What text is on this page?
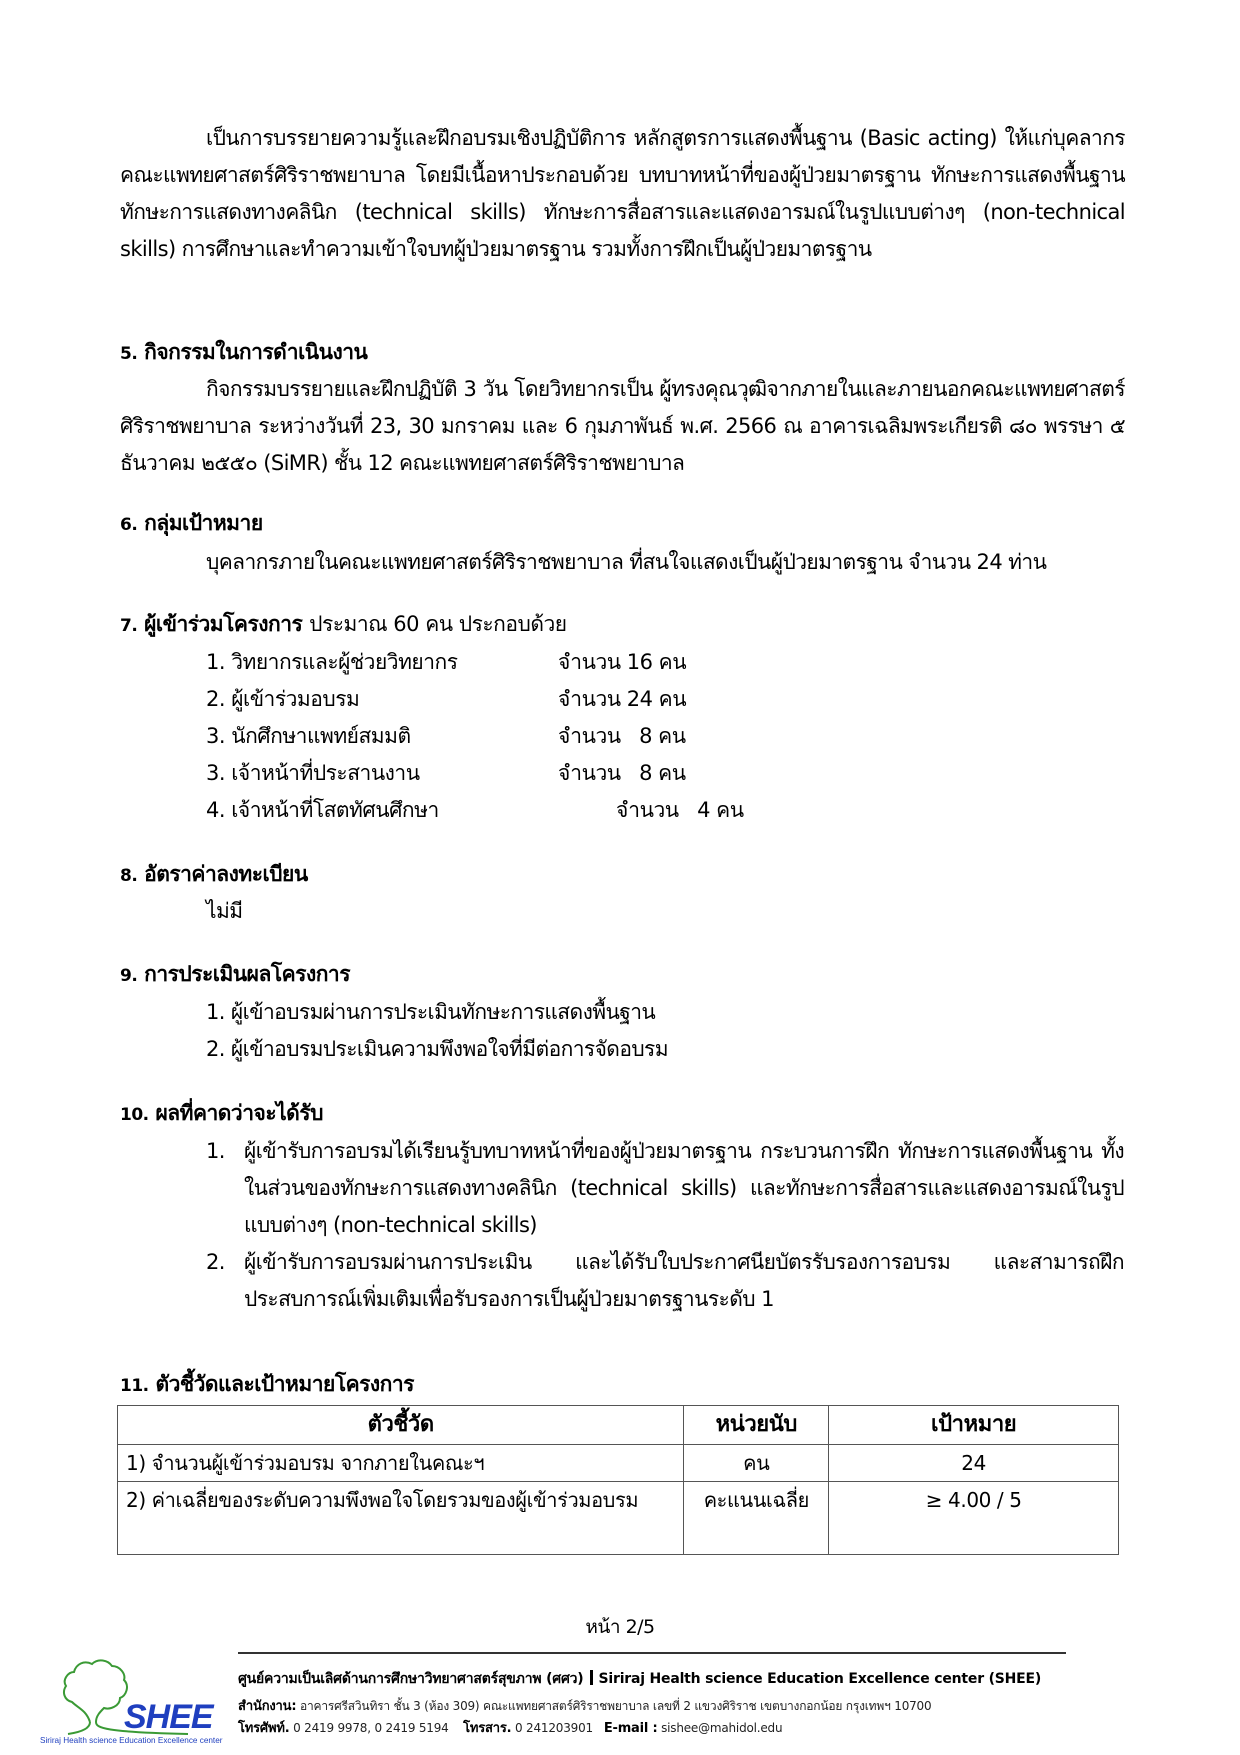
เป็นการบรรยายความรู้และฝึกอบรมเชิงปฏิบัติการ หลักสูตรการแสดงพื้นฐาน (Basic acting) ให้แก่บุคลากร คณะแพทยศาสตร์ศิริราชพยาบาล โดยมีเนื้อหาประกอบด้วย บทบาทหน้าที่ของผู้ป่วยมาตรฐาน ทักษะการแสดงพื้นฐาน ทักษะการแสดงทางคลินิก (technical skills) ทักษะการสื่อสารและแสดงอารมณ์ในรูปแบบต่างๆ (non-technical skills) การศึกษาและทำความเข้าใจบทผู้ป่วยมาตรฐาน รวมทั้งการฝึกเป็นผู้ป่วยมาตรฐาน
5. กิจกรรมในการดำเนินงาน
กิจกรรมบรรยายและฝึกปฏิบัติ 3 วัน โดยวิทยากรเป็น ผู้ทรงคุณวุฒิจากภายในและภายนอกคณะแพทยศาสตร์ศิริราชพยาบาล ระหว่างวันที่ 23, 30 มกราคม และ 6 กุมภาพันธ์ พ.ศ. 2566 ณ อาคารเฉลิมพระเกียรติ ๘๐ พรรษา ๕ ธันวาคม ๒๕๕๐ (SiMR) ชั้น 12 คณะแพทยศาสตร์ศิริราชพยาบาล
6. กลุ่มเป้าหมาย
บุคลากรภายในคณะแพทยศาสตร์ศิริราชพยาบาล ที่สนใจแสดงเป็นผู้ป่วยมาตรฐาน จำนวน 24 ท่าน
7. ผู้เข้าร่วมโครงการ ประมาณ 60 คน ประกอบด้วย
1. วิทยากรและผู้ช่วยวิทยากร	จำนวน 16 คน
2. ผู้เข้าร่วมอบรม	จำนวน 24 คน
3. นักศึกษาแพทย์สมมติ	จำนวน   8 คน
3. เจ้าหน้าที่ประสานงาน	จำนวน   8 คน
4. เจ้าหน้าที่โสตทัศนศึกษา	จำนวน   4 คน
8. อัตราค่าลงทะเบียน
ไม่มี
9. การประเมินผลโครงการ
1. ผู้เข้าอบรมผ่านการประเมินทักษะการแสดงพื้นฐาน
2. ผู้เข้าอบรมประเมินความพึงพอใจที่มีต่อการจัดอบรม
10. ผลที่คาดว่าจะได้รับ
1. ผู้เข้ารับการอบรมได้เรียนรู้บทบาทหน้าที่ของผู้ป่วยมาตรฐาน กระบวนการฝึก ทักษะการแสดงพื้นฐาน ทั้งในส่วนของทักษะการแสดงทางคลินิก (technical skills) และทักษะการสื่อสารและแสดงอารมณ์ในรูปแบบต่างๆ (non-technical skills)
2. ผู้เข้ารับการอบรมผ่านการประเมิน และได้รับใบประกาศนียบัตรรับรองการอบรม และสามารถฝึกประสบการณ์เพิ่มเติมเพื่อรับรองการเป็นผู้ป่วยมาตรฐานระดับ 1
11. ตัวชี้วัดและเป้าหมายโครงการ
ตัวชี้วัด	หน่วยนับ	เป้าหมาย
1) จำนวนผู้เข้าร่วมอบรม จากภายในคณะฯ	คน	24
2) ค่าเฉลี่ยของระดับความพึงพอใจโดยรวมของผู้เข้าร่วมอบรม	คะแนนเฉลี่ย	≥ 4.00 / 5
หน้า 2/5
SHEE
Siriraj Health science Education Excellence center
ศูนย์ความเป็นเลิศด้านการศึกษาวิทยาศาสตร์สุขภาพ (ศศว) Siriraj Health science Education Excellence center (SHEE)
สำนักงาน: อาคารศรีสวินทิรา ชั้น 3 (ห้อง 309) คณะแพทยศาสตร์ศิริราชพยาบาล เลขที่ 2 แขวงศิริราช เขตบางกอกน้อย กรุงเทพฯ 10700
โทรศัพท์. 0 2419 9978, 0 2419 5194 โทรสาร. 0 241203901 E-mail : sishee@mahidol.edu
